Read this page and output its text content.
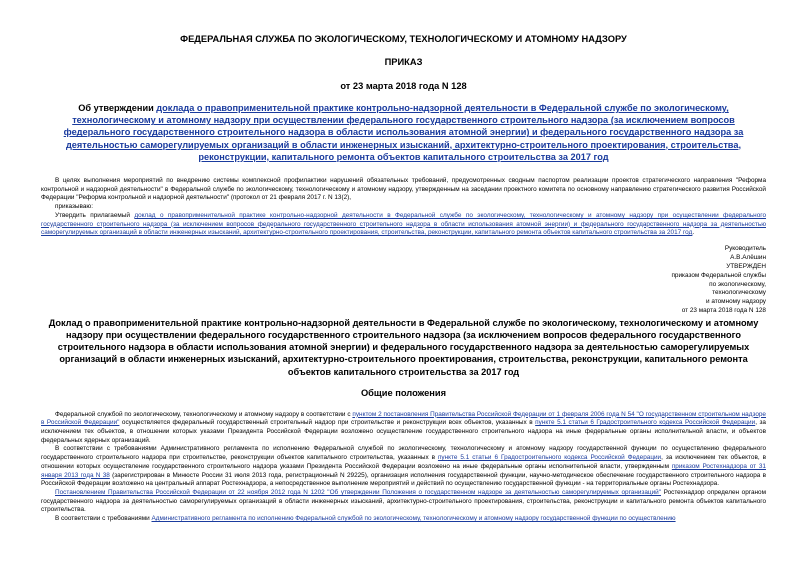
ФЕДЕРАЛЬНАЯ СЛУЖБА ПО ЭКОЛОГИЧЕСКОМУ, ТЕХНОЛОГИЧЕСКОМУ И АТОМНОМУ НАДЗОРУ
ПРИКАЗ
от 23 марта 2018 года N 128
Об утверждении доклада о правоприменительной практике контрольно-надзорной деятельности в Федеральной службе по экологическому, технологическому и атомному надзору при осуществлении федерального государственного строительного надзора (за исключением вопросов федерального государственного строительного надзора в области использования атомной энергии) и федерального государственного надзора за деятельностью саморегулируемых организаций в области инженерных изысканий, архитектурно-строительного проектирования, строительства, реконструкции, капитального ремонта объектов капитального строительства за 2017 год

В целях выполнения мероприятий по внедрению системы комплексной профилактики нарушений обязательных требований, предусмотренных сводным паспортом реализации проектов стратегического направления "Реформа контрольной и надзорной деятельности" в Федеральной службе по экологическому, технологическому и атомному надзору, утвержденным на заседании проектного комитета по основному направлению стратегического развития Российской Федерации "Реформа контрольной и надзорной деятельности" (протокол от 21 февраля 2017 г. N 13(2),

приказываю:

Утвердить прилагаемый доклад о правоприменительной практике контрольно-надзорной деятельности в Федеральной службе по экологическому, технологическому и атомному надзору при осуществлении федерального государственного строительного надзора (за исключением вопросов федерального государственного строительного надзора в области использования атомной энергии) и федерального государственного надзора за деятельностью саморегулируемых организаций в области инженерных изысканий, архитектурно-строительного проектирования, строительства, реконструкции, капитального ремонта объектов капитального строительства за 2017 год.

Руководитель
А.В.Алёшин
УТВЕРЖДЕН
приказом Федеральной службы
по экологическому,
технологическому
и атомному надзору
от 23 марта 2018 года N 128
Доклад о правоприменительной практике контрольно-надзорной деятельности в Федеральной службе по экологическому, технологическому и атомному надзору при осуществлении федерального государственного строительного надзора (за исключением вопросов федерального государственного строительного надзора в области использования атомной энергии) и федерального государственного надзора за деятельностью саморегулируемых организаций в области инженерных изысканий, архитектурно-строительного проектирования, строительства, реконструкции, капитального ремонта объектов капитального строительства за 2017 год
Общие положения

Федеральной службой по экологическому, технологическому и атомному надзору в соответствии с пунктом 2 постановления Правительства Российской Федерации от 1 февраля 2006 года N 54 "О государственном строительном надзоре в Российской Федерации" осуществляется федеральный государственный строительный надзор при строительстве и реконструкции всех объектов, указанных в пункте 5.1 статьи 6 Градостроительного кодекса Российской Федерации, за исключением тех объектов, в отношении которых указами Президента Российской Федерации возложено осуществление государственного строительного надзора на иные федеральные органы исполнительной власти, и объектов федеральных ядерных организаций.

В соответствии с требованиями Административного регламента по исполнению Федеральной службой по экологическому, технологическому и атомному надзору государственной функции по осуществлению федерального государственного строительного надзора при строительстве, реконструкции объектов капитального строительства, указанных в пункте 5.1 статьи 6 Градостроительного кодекса Российской Федерации, за исключением тех объектов, в отношении которых осуществление государственного строительного надзора указами Президента Российской Федерации возложено на иные федеральные органы исполнительной власти, утвержденным приказом Ростехнадзора от 31 января 2013 года N 38 (зарегистрирован в Минюсте России 31 июля 2013 года, регистрационный N 29225), организация исполнения государственной функции, научно-методическое обеспечение государственного строительного надзора в Российской Федерации возложено на центральный аппарат Ростехнадзора, а непосредственное выполнение мероприятий и действий по осуществлению государственной функции - на территориальные органы Ростехнадзора.

Постановлением Правительства Российской Федерации от 22 ноября 2012 года N 1202 "Об утверждении Положения о государственном надзоре за деятельностью саморегулируемых организаций" Ростехнадзор определен органом государственного надзора за деятельностью саморегулируемых организаций в области инженерных изысканий, архитектурно-строительного проектирования, строительства, реконструкции и капитального ремонта объектов капитального строительства.

В соответствии с требованиями Административного регламента по исполнению Федеральной службой по экологическому, технологическому и атомному надзору государственной функции по осуществлению
